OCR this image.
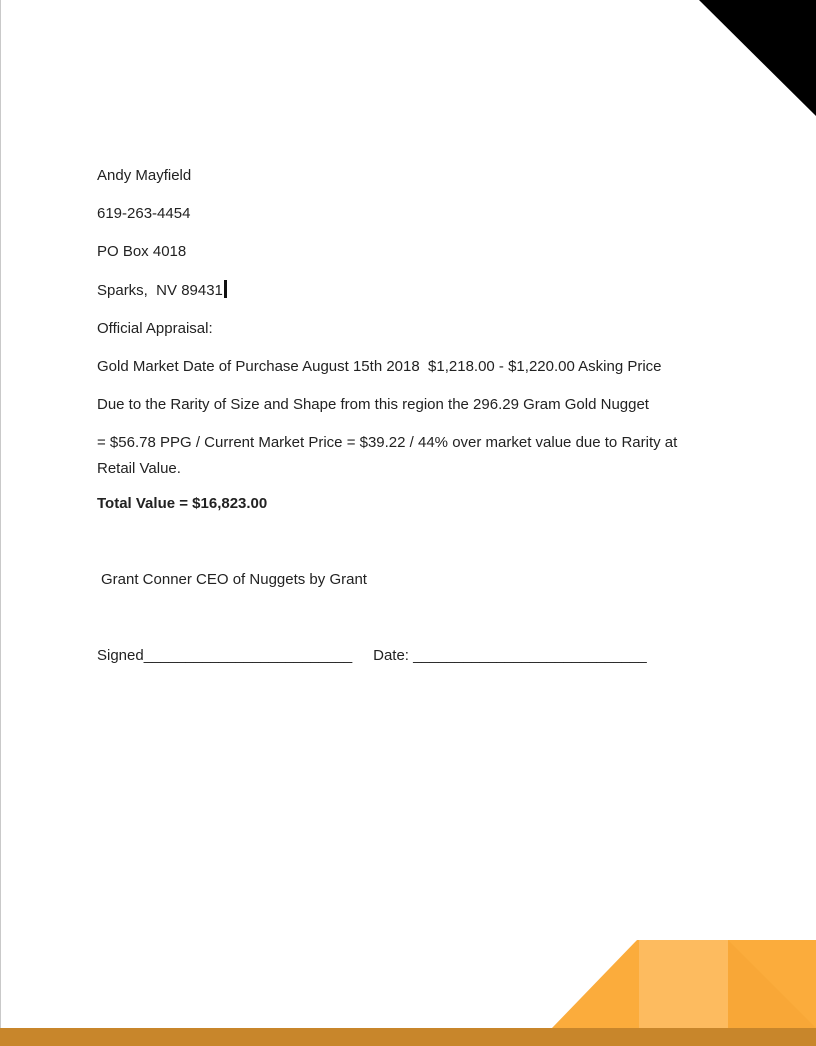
Andy Mayfield

619-263-4454

PO Box 4018

Sparks,  NV 89431

Official Appraisal:

Gold Market Date of Purchase August 15th 2018  $1,218.00 - $1,220.00 Asking Price

Due to the Rarity of Size and Shape from this region the 296.29 Gram Gold Nugget

= $56.78 PPG / Current Market Price = $39.22 / 44% over market value due to Rarity at Retail Value.

Total Value = $16,823.00

Grant Conner CEO of Nuggets by Grant

Signed_________________________ Date: ____________________________
